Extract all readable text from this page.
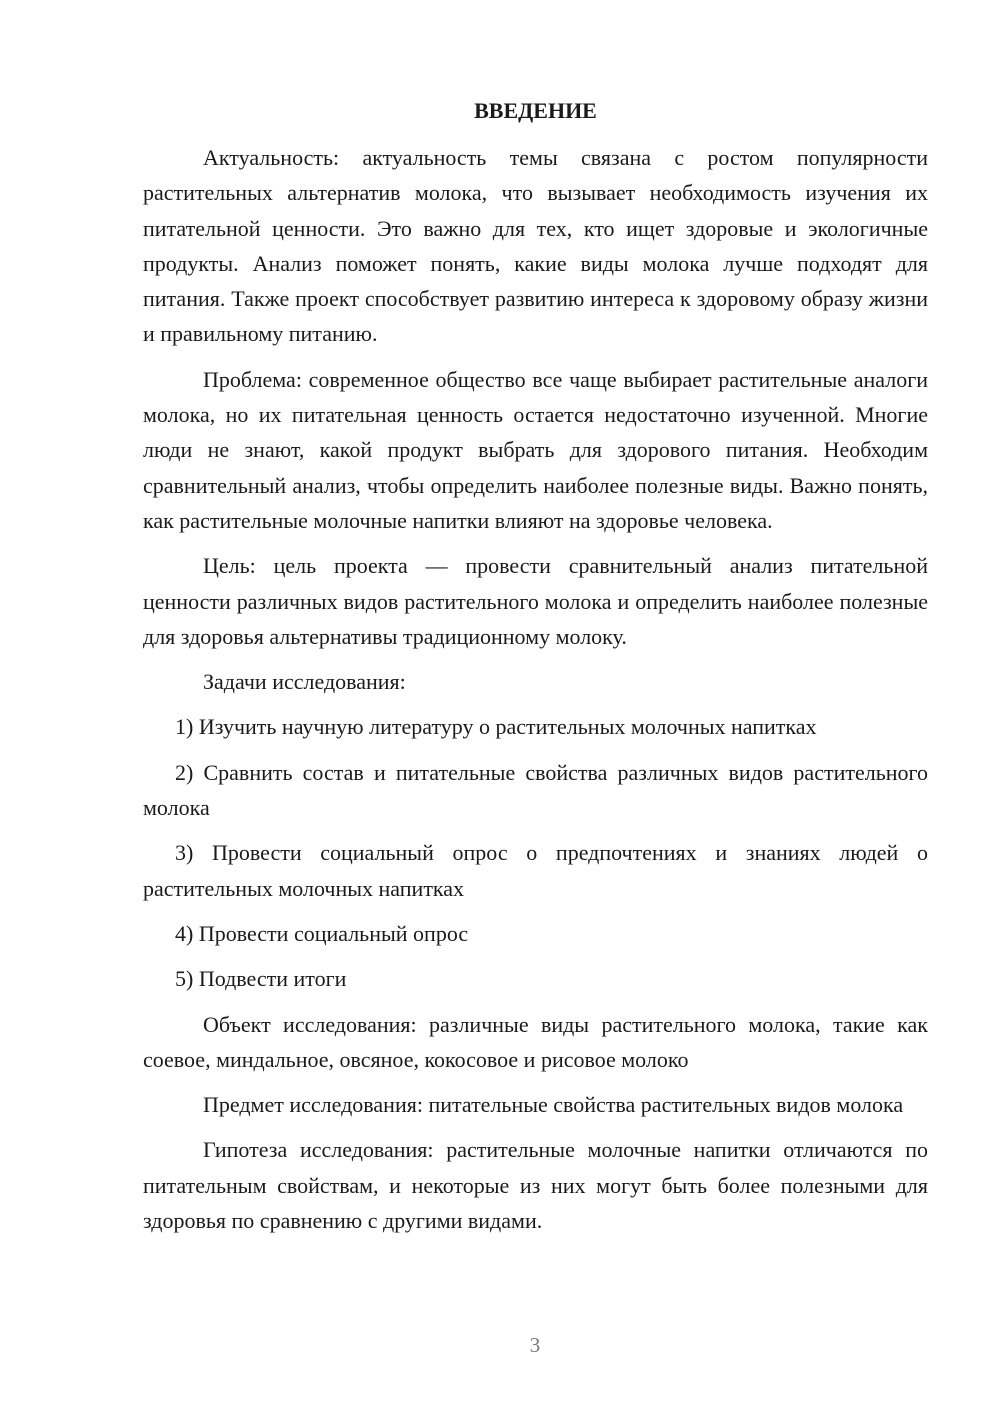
ВВЕДЕНИЕ

Актуальность: актуальность темы связана с ростом популярности растительных альтернатив молока, что вызывает необходимость изучения их питательной ценности. Это важно для тех, кто ищет здоровые и экологичные продукты. Анализ поможет понять, какие виды молока лучше подходят для питания. Также проект способствует развитию интереса к здоровому образу жизни и правильному питанию.

Проблема: современное общество все чаще выбирает растительные аналоги молока, но их питательная ценность остается недостаточно изученной. Многие люди не знают, какой продукт выбрать для здорового питания. Необходим сравнительный анализ, чтобы определить наиболее полезные виды. Важно понять, как растительные молочные напитки влияют на здоровье человека.

Цель: цель проекта — провести сравнительный анализ питательной ценности различных видов растительного молока и определить наиболее полезные для здоровья альтернативы традиционному молоку.

Задачи исследования:

1) Изучить научную литературу о растительных молочных напитках

2) Сравнить состав и питательные свойства различных видов растительного молока

3) Провести социальный опрос о предпочтениях и знаниях людей о растительных молочных напитках

4) Провести социальный опрос

5) Подвести итоги

Объект исследования: различные виды растительного молока, такие как соевое, миндальное, овсяное, кокосовое и рисовое молоко

Предмет исследования: питательные свойства растительных видов молока

Гипотеза исследования: растительные молочные напитки отличаются по питательным свойствам, и некоторые из них могут быть более полезными для здоровья по сравнению с другими видами.

3
